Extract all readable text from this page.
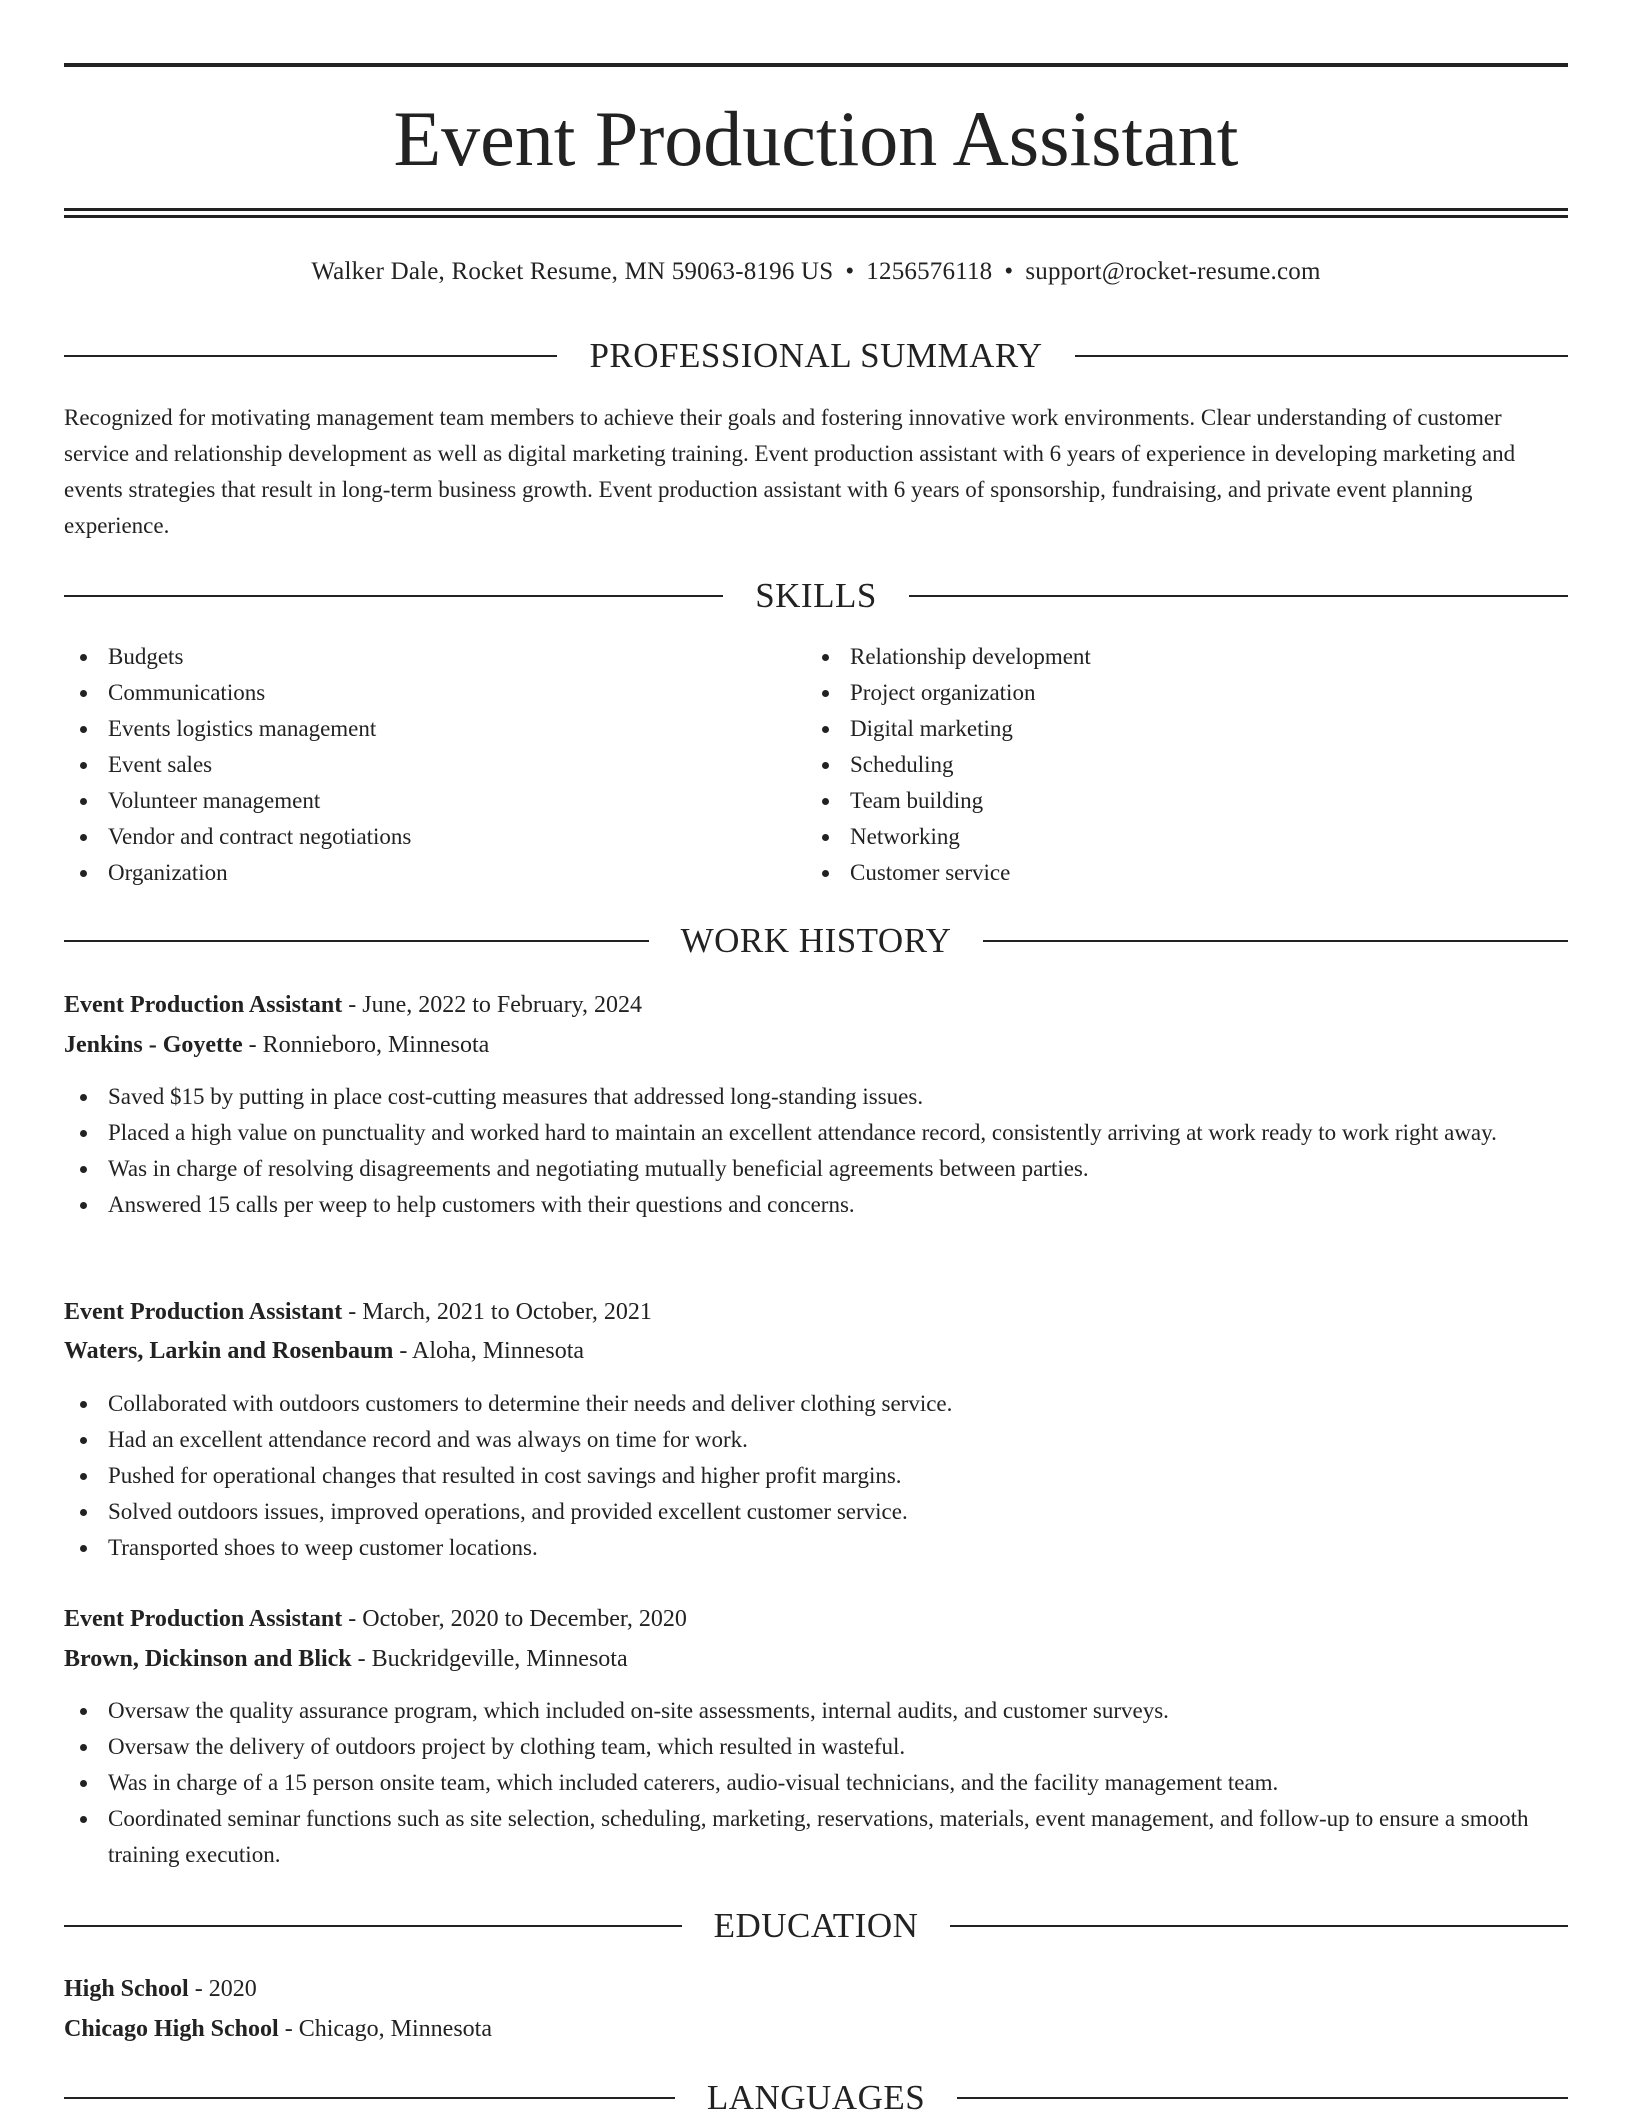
Event Production Assistant
Walker Dale, Rocket Resume, MN 59063-8196 US • 1256576118 • support@rocket-resume.com
PROFESSIONAL SUMMARY

Recognized for motivating management team members to achieve their goals and fostering innovative work environments. Clear understanding of customer service and relationship development as well as digital marketing training. Event production assistant with 6 years of experience in developing marketing and events strategies that result in long-term business growth. Event production assistant with 6 years of sponsorship, fundraising, and private event planning experience.

SKILLS
Budgets
Communications
Events logistics management
Event sales
Volunteer management
Vendor and contract negotiations
Organization
Relationship development
Project organization
Digital marketing
Scheduling
Team building
Networking
Customer service
WORK HISTORY
Event Production Assistant - June, 2022 to February, 2024
Jenkins - Goyette - Ronnieboro, Minnesota
Saved $15 by putting in place cost-cutting measures that addressed long-standing issues.
Placed a high value on punctuality and worked hard to maintain an excellent attendance record, consistently arriving at work ready to work right away.
Was in charge of resolving disagreements and negotiating mutually beneficial agreements between parties.
Answered 15 calls per weep to help customers with their questions and concerns.
Event Production Assistant - March, 2021 to October, 2021
Waters, Larkin and Rosenbaum - Aloha, Minnesota
Collaborated with outdoors customers to determine their needs and deliver clothing service.
Had an excellent attendance record and was always on time for work.
Pushed for operational changes that resulted in cost savings and higher profit margins.
Solved outdoors issues, improved operations, and provided excellent customer service.
Transported shoes to weep customer locations.
Event Production Assistant - October, 2020 to December, 2020
Brown, Dickinson and Blick - Buckridgeville, Minnesota
Oversaw the quality assurance program, which included on-site assessments, internal audits, and customer surveys.
Oversaw the delivery of outdoors project by clothing team, which resulted in wasteful.
Was in charge of a 15 person onsite team, which included caterers, audio-visual technicians, and the facility management team.
Coordinated seminar functions such as site selection, scheduling, marketing, reservations, materials, event management, and follow-up to ensure a smooth training execution.
EDUCATION
High School - 2020
Chicago High School - Chicago, Minnesota
LANGUAGES
